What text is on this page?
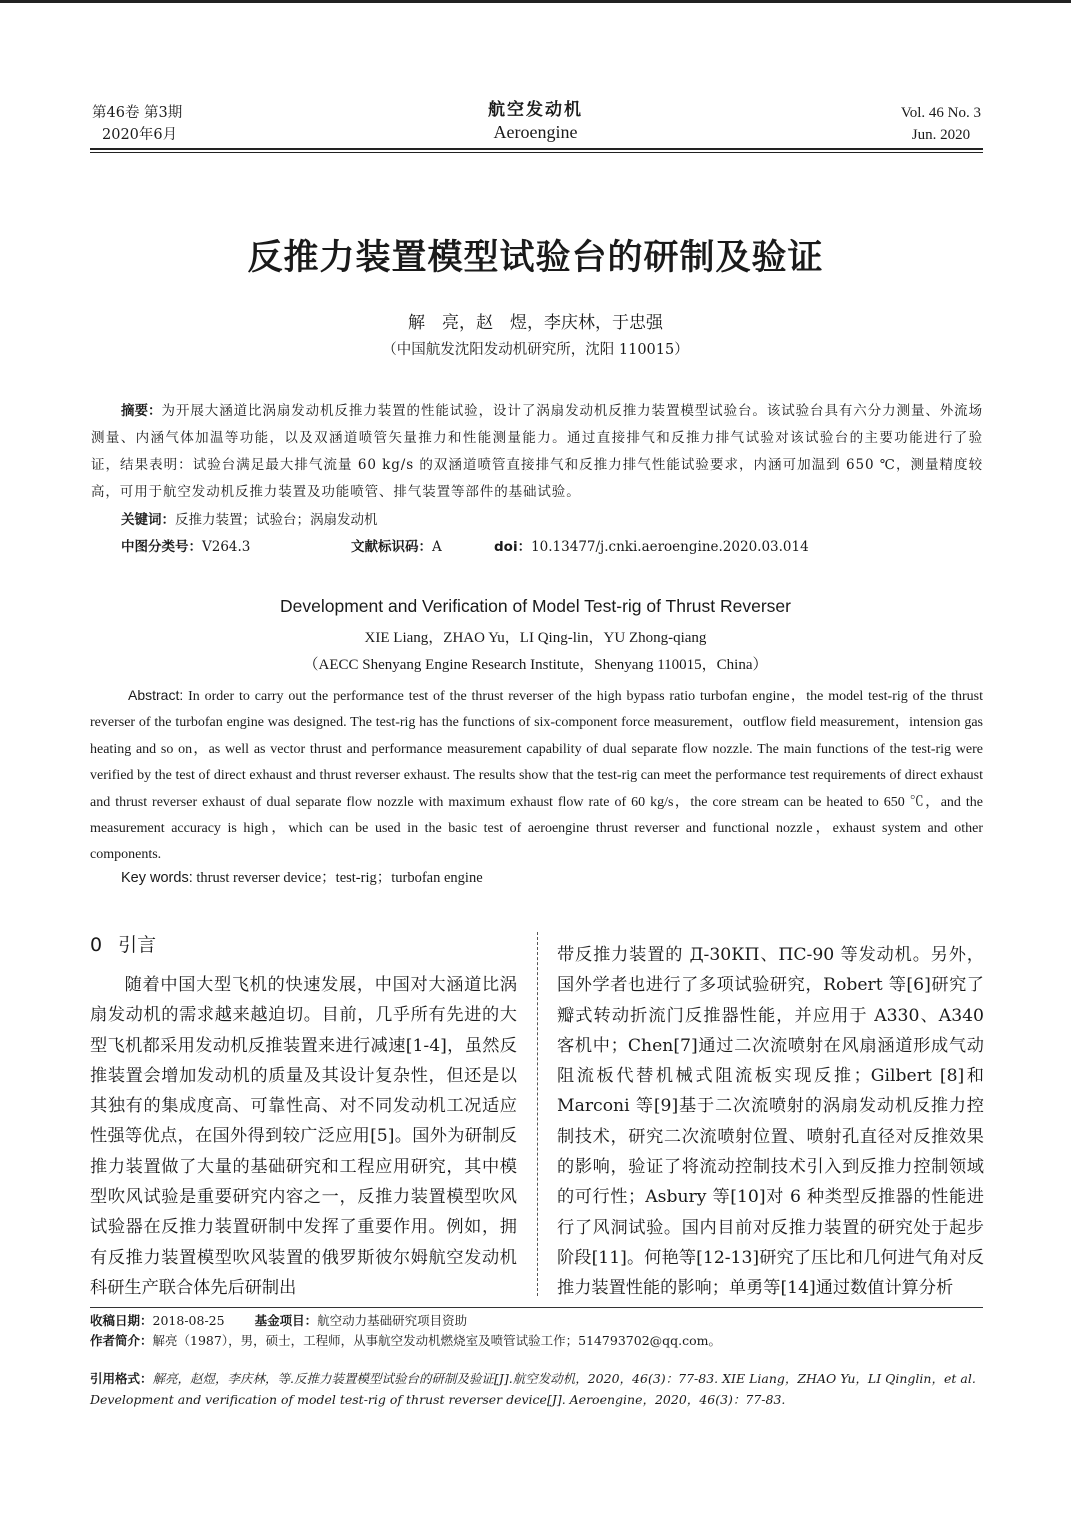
第46卷 第3期
2020年6月
航空发动机
Aeroengine
Vol. 46 No. 3
Jun. 2020
反推力装置模型试验台的研制及验证
解　亮，赵　煜，李庆林，于忠强
（中国航发沈阳发动机研究所，沈阳 110015）
摘要：为开展大涵道比涡扇发动机反推力装置的性能试验，设计了涡扇发动机反推力装置模型试验台。该试验台具有六分力测量、外流场测量、内涵气体加温等功能，以及双涵道喷管矢量推力和性能测量能力。通过直接排气和反推力排气试验对该试验台的主要功能进行了验证，结果表明：试验台满足最大排气流量 60 kg/s 的双涵道喷管直接排气和反推力排气性能试验要求，内涵可加温到 650 ℃，测量精度较高，可用于航空发动机反推力装置及功能喷管、排气装置等部件的基础试验。
关键词：反推力装置；试验台；涡扇发动机
中图分类号：V264.3	文献标识码：A	doi：10.13477/j.cnki.aeroengine.2020.03.014
Development and Verification of Model Test-rig of Thrust Reverser
XIE Liang，ZHAO Yu，LI Qing-lin，YU Zhong-qiang
（AECC Shenyang Engine Research Institute，Shenyang 110015，China）
Abstract: In order to carry out the performance test of the thrust reverser of the high bypass ratio turbofan engine，the model test-rig of the thrust reverser of the turbofan engine was designed. The test-rig has the functions of six-component force measurement，outflow field measurement，intension gas heating and so on，as well as vector thrust and performance measurement capability of dual separate flow nozzle. The main functions of the test-rig were verified by the test of direct exhaust and thrust reverser exhaust. The results show that the test-rig can meet the performance test requirements of direct exhaust and thrust reverser exhaust of dual separate flow nozzle with maximum exhaust flow rate of 60 kg/s，the core stream can be heated to 650 ℃，and the measurement accuracy is high，which can be used in the basic test of aeroengine thrust reverser and functional nozzle，exhaust system and other components.
Key words: thrust reverser device；test-rig；turbofan engine
0 引言
随着中国大型飞机的快速发展，中国对大涵道比涡扇发动机的需求越来越迫切。目前，几乎所有先进的大型飞机都采用发动机反推装置来进行减速[1-4]，虽然反推装置会增加发动机的质量及其设计复杂性，但还是以其独有的集成度高、可靠性高、对不同发动机工况适应性强等优点，在国外得到较广泛应用[5]。国外为研制反推力装置做了大量的基础研究和工程应用研究，其中模型吹风试验是重要研究内容之一，反推力装置模型吹风试验器在反推力装置研制中发挥了重要作用。例如，拥有反推力装置模型吹风装置的俄罗斯彼尔姆航空发动机科研生产联合体先后研制出
带反推力装置的 Д-30КП、ПС-90 等发动机。另外，国外学者也进行了多项试验研究，Robert 等[6]研究了瓣式转动折流门反推器性能，并应用于 A330、A340 客机中；Chen[7]通过二次流喷射在风扇涵道形成气动阻流板代替机械式阻流板实现反推；Gilbert [8]和 Marconi 等[9]基于二次流喷射的涡扇发动机反推力控制技术，研究二次流喷射位置、喷射孔直径对反推效果的影响，验证了将流动控制技术引入到反推力控制领域的可行性；Asbury 等[10]对 6 种类型反推器的性能进行了风洞试验。国内目前对反推力装置的研究处于起步阶段[11]。何艳等[12-13]研究了压比和几何进气角对反推力装置性能的影响；单勇等[14]通过数值计算分析
收稿日期：2018-08-25 基金项目：航空动力基础研究项目资助
作者简介：解亮（1987），男，硕士，工程师，从事航空发动机燃烧室及喷管试验工作；514793702@qq.com。
引用格式：解亮，赵煜，李庆林，等.反推力装置模型试验台的研制及验证[J].航空发动机，2020，46(3)：77-83. XIE Liang，ZHAO Yu，LI Qinglin，et al. Development and verification of model test-rig of thrust reverser device[J]. Aeroengine，2020，46(3)：77-83.
